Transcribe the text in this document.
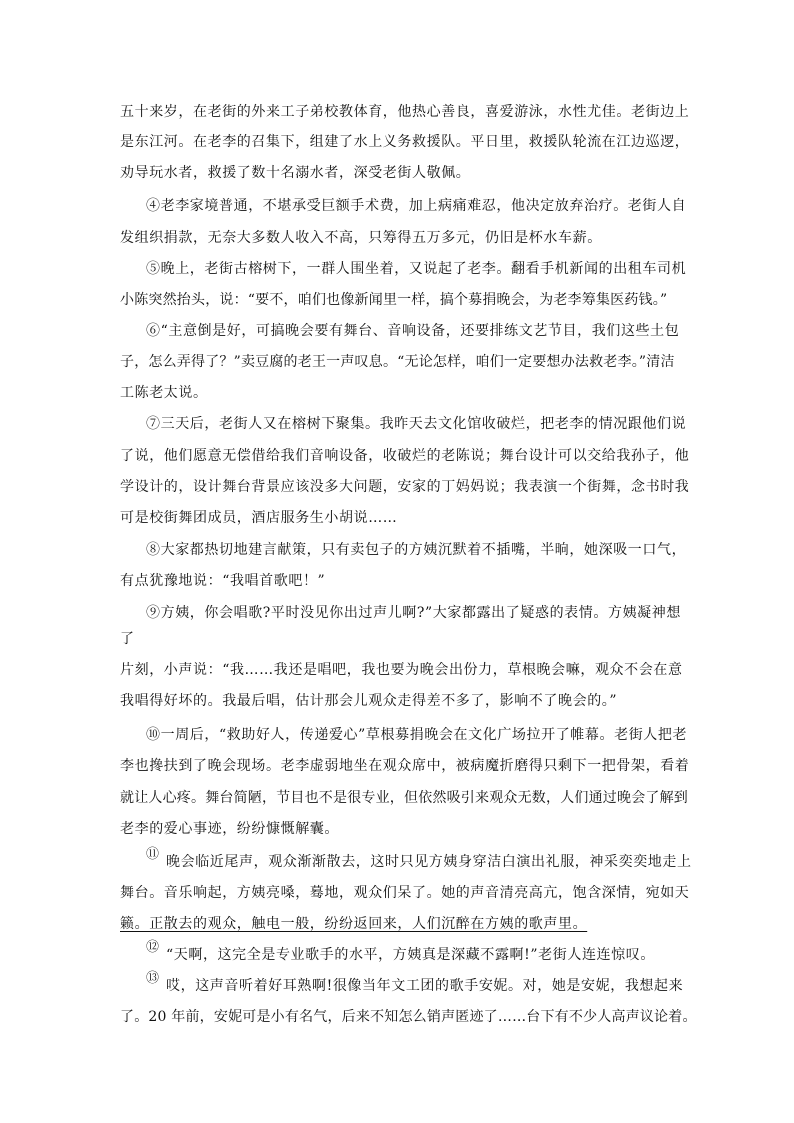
五十来岁，在老街的外来工子弟校教体育，他热心善良，喜爱游泳，水性尤佳。老街边上
是东江河。在老李的召集下，组建了水上义务救援队。平日里，救援队轮流在江边巡逻，
劝导玩水者，救援了数十名溺水者，深受老街人敬佩。
④老李家境普通，不堪承受巨额手术费，加上病痛难忍，他决定放弃治疗。老街人自
发组织捐款，无奈大多数人收入不高，只筹得五万多元，仍旧是杯水车薪。
⑤晚上，老街古榕树下，一群人围坐着，又说起了老李。翻看手机新闻的出租车司机
小陈突然抬头，说：“要不，咱们也像新闻里一样，搞个募捐晚会，为老李筹集医药钱。”
⑥“主意倒是好，可搞晚会要有舞台、音响设备，还要排练文艺节目，我们这些土包
子，怎么弄得了？”卖豆腐的老王一声叹息。“无论怎样，咱们一定要想办法救老李。”清洁
工陈老太说。
⑦三天后，老街人又在榕树下聚集。我昨天去文化馆收破烂，把老李的情况跟他们说
了说，他们愿意无偿借给我们音响设备，收破烂的老陈说；舞台设计可以交给我孙子，他
学设计的，设计舞台背景应该没多大问题，安家的丁妈妈说；我表演一个街舞，念书时我
可是校街舞团成员，酒店服务生小胡说……
⑧大家都热切地建言献策，只有卖包子的方姨沉默着不插嘴，半晌，她深吸一口气，
有点犹豫地说：“我唱首歌吧！”
⑨方姨，你会唱歌?平时没见你出过声儿啊?”大家都露出了疑惑的表情。方姨凝神想
了
片刻，小声说：“我……我还是唱吧，我也要为晚会出份力，草根晚会嘛，观众不会在意
我唱得好坏的。我最后唱，估计那会儿观众走得差不多了，影响不了晚会的。”
⑩一周后，“救助好人，传递爱心”草根募捐晚会在文化广场拉开了帷幕。老街人把老
李也搀扶到了晚会现场。老李虚弱地坐在观众席中，被病魔折磨得只剩下一把骨架，看着
就让人心疼。舞台简陋，节目也不是很专业，但依然吸引来观众无数，人们通过晚会了解到
老李的爱心事迹，纷纷慷慨解囊。
⑪ 晚会临近尾声，观众渐渐散去，这时只见方姨身穿洁白演出礼服，神采奕奕地走上
舞台。音乐响起，方姨亮嗓，蓦地，观众们呆了。她的声音清亮高亢，饱含深情，宛如天
籁。正散去的观众，触电一般，纷纷返回来，人们沉醉在方姨的歌声里。
⑫ “天啊，这完全是专业歌手的水平，方姨真是深藏不露啊!”老街人连连惊叹。
⑬ 哎，这声音听着好耳熟啊!很像当年文工团的歌手安妮。对，她是安妮，我想起来
了。20 年前，安妮可是小有名气，后来不知怎么销声匿迹了……台下有不少人高声议论着。
